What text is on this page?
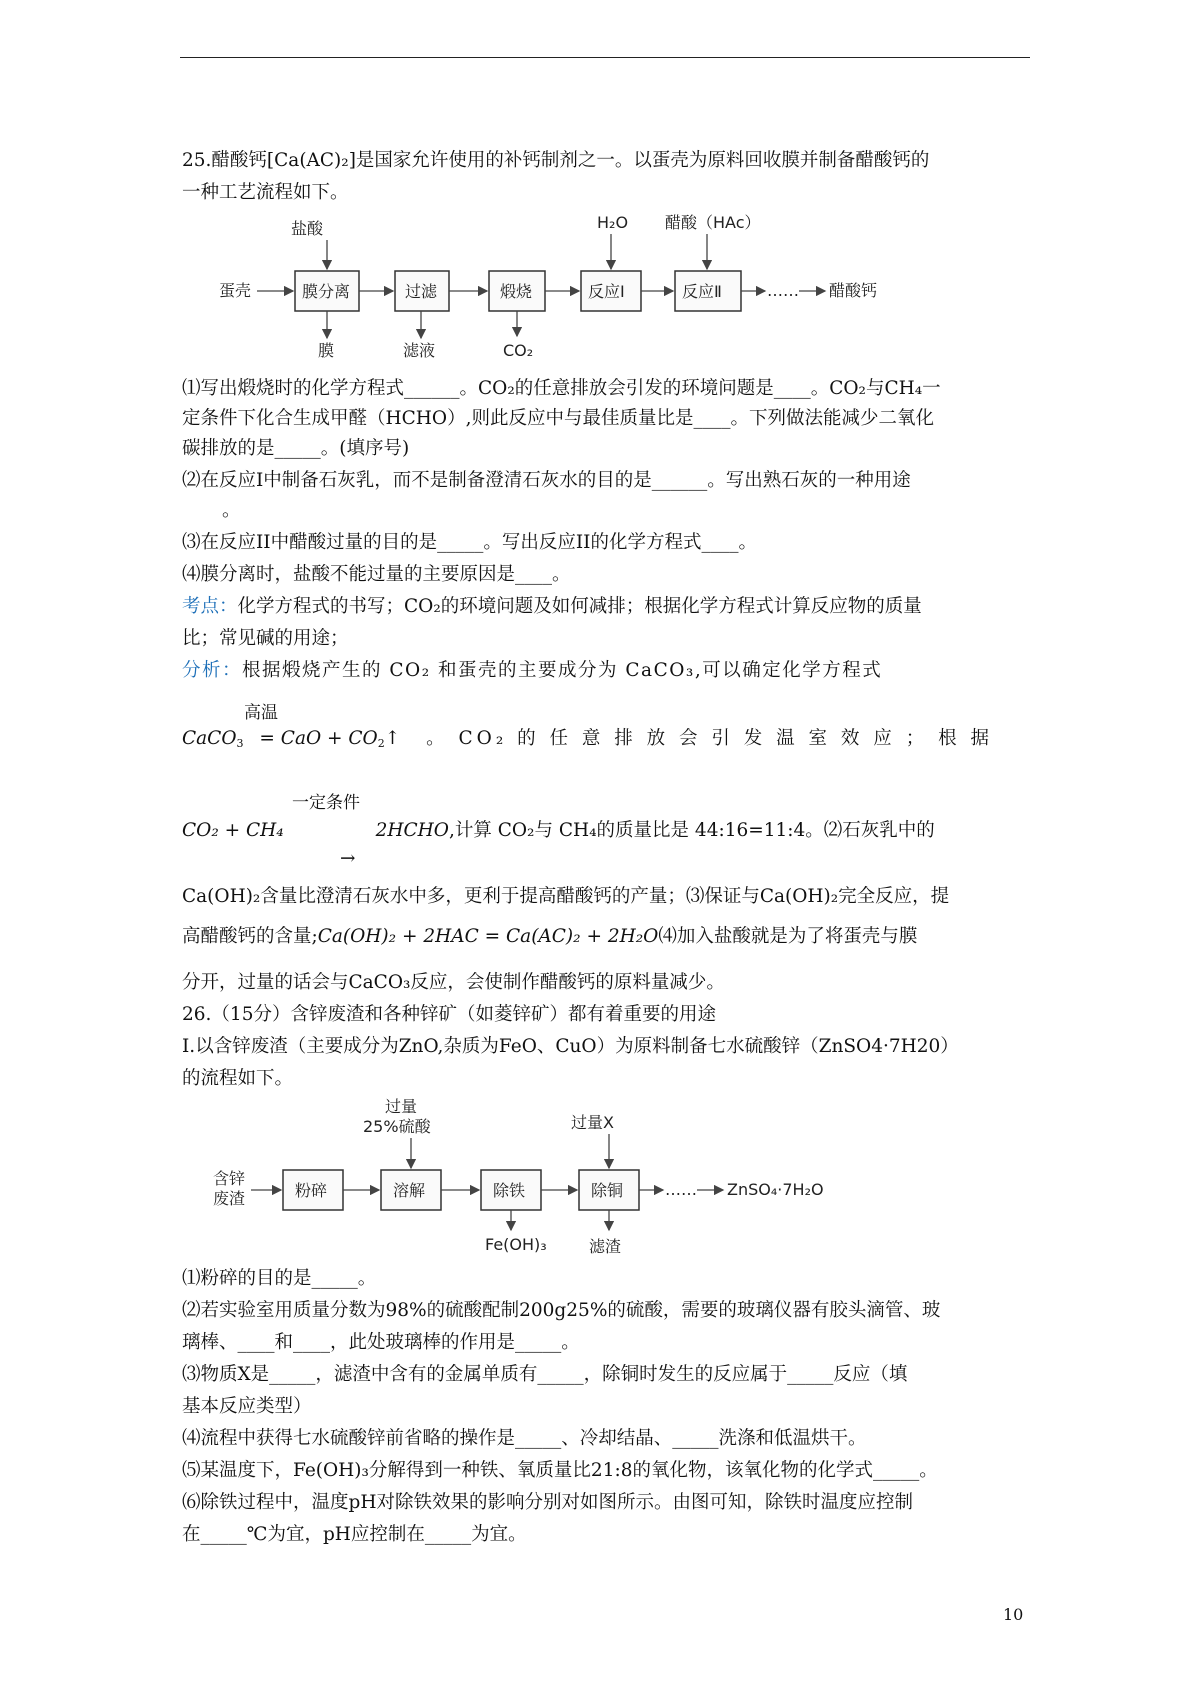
25.醋酸钙[Ca(AC)₂]是国家允许使用的补钙制剂之一。以蛋壳为原料回收膜并制备醋酸钙的
一种工艺流程如下。
蛋壳	膜分离	过滤	煅烧	反应Ⅰ	反应Ⅱ	…… 醋酸钙
盐酸	H₂O 醋酸（HAc）
膜	滤液	CO₂
⑴写出煅烧时的化学方程式______。CO₂的任意排放会引发的环境问题是____。CO₂与CH₄一
定条件下化合生成甲醛（HCHO）,则此反应中与最佳质量比是____。下列做法能减少二氧化
碳排放的是_____。(填序号)
⑵在反应Ⅰ中制备石灰乳，而不是制备澄清石灰水的目的是______。写出熟石灰的一种用途
。
⑶在反应II中醋酸过量的目的是_____。写出反应II的化学方程式____。
⑷膜分离时，盐酸不能过量的主要原因是____。
考点：化学方程式的书写；CO₂的环境问题及如何减排；根据化学方程式计算反应物的质量
比；常见碱的用途；
分析：根据煅烧产生的 CO₂ 和蛋壳的主要成分为 CaCO₃,可以确定化学方程式
高温
CaCO$_3$ = CaO + $CO_2↑$ 。 CO₂ 的 任 意 排 放 会 引 发 温 室 效 应 ； 根 据
一定条件
CO₂ + CH₄	2HCHO,计算 CO₂与 CH₄的质量比是 44:16=11:4。⑵石灰乳中的
→
Ca(OH)₂含量比澄清石灰水中多，更利于提高醋酸钙的产量；⑶保证与Ca(OH)₂完全反应，提
高醋酸钙的含量;Ca(OH)₂ + 2HAC = Ca(AC)₂ + 2H₂O⑷加入盐酸就是为了将蛋壳与膜
分开，过量的话会与CaCO₃反应，会使制作醋酸钙的原料量减少。
26.（15分）含锌废渣和各种锌矿（如菱锌矿）都有着重要的用途
I.以含锌废渣（主要成分为ZnO,杂质为FeO、CuO）为原料制备七水硫酸锌（ZnSO4·7H20）
的流程如下。
含锌
废渣	粉碎	溶解	除铁	除铜	…… ZnSO₄·7H₂O
过量
25%硫酸	过量X
Fe(OH)₃	滤渣
⑴粉碎的目的是_____。
⑵若实验室用质量分数为98%的硫酸配制200g25%的硫酸，需要的玻璃仪器有胶头滴管、玻
璃棒、____和____，此处玻璃棒的作用是_____。
⑶物质X是_____，滤渣中含有的金属单质有_____，除铜时发生的反应属于_____反应（填
基本反应类型）
⑷流程中获得七水硫酸锌前省略的操作是_____、冷却结晶、_____洗涤和低温烘干。
⑸某温度下，Fe(OH)₃分解得到一种铁、氧质量比21:8的氧化物，该氧化物的化学式_____。
⑹除铁过程中，温度pH对除铁效果的影响分别对如图所示。由图可知，除铁时温度应控制
在_____℃为宜，pH应控制在_____为宜。
10
